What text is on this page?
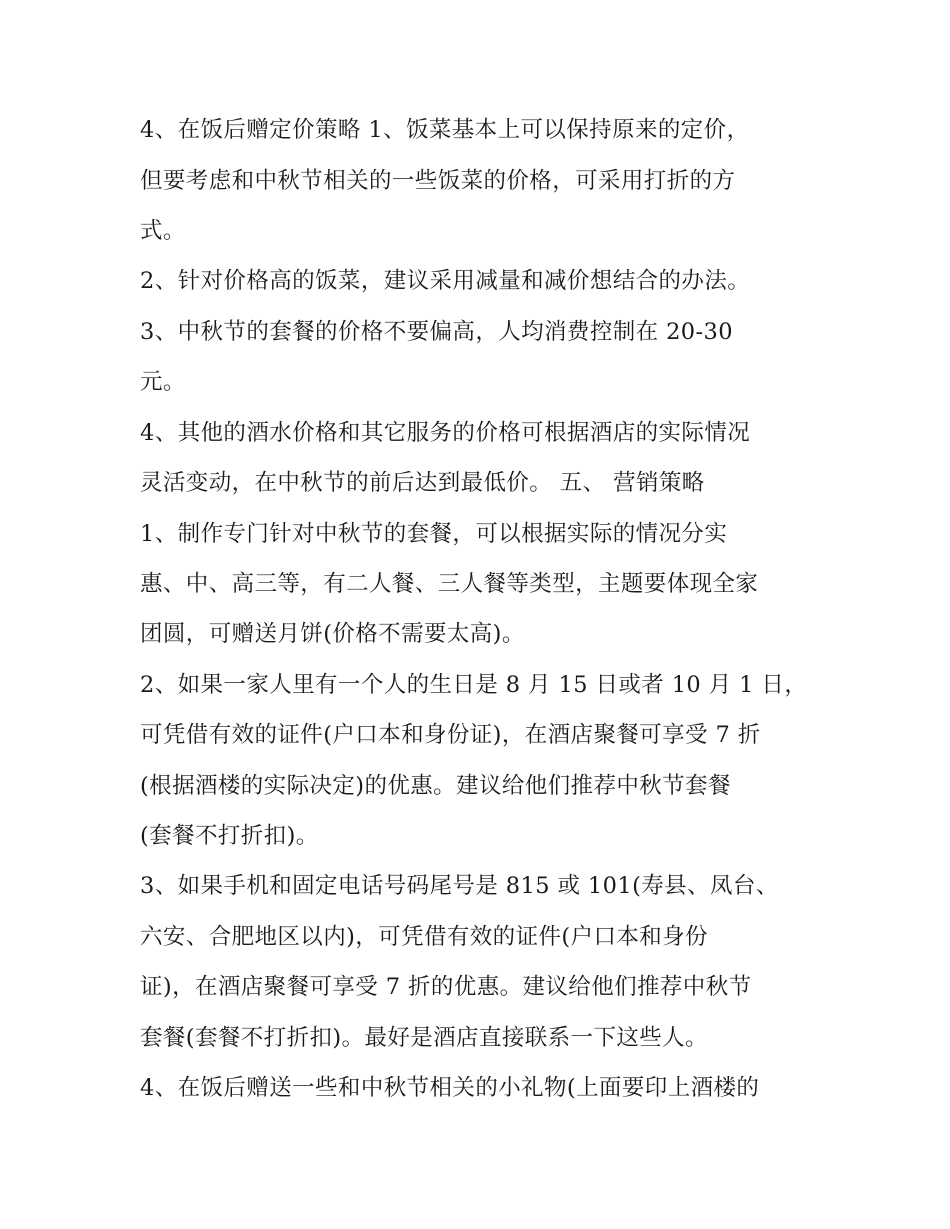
4、在饭后赠定价策略 1、饭菜基本上可以保持原来的定价，

但要考虑和中秋节相关的一些饭菜的价格，可采用打折的方

式。

2、针对价格高的饭菜，建议采用减量和减价想结合的办法。

3、中秋节的套餐的价格不要偏高，人均消费控制在 20-30

元。

4、其他的酒水价格和其它服务的价格可根据酒店的实际情况

灵活变动，在中秋节的前后达到最低价。 五、 营销策略

1、制作专门针对中秋节的套餐，可以根据实际的情况分实

惠、中、高三等，有二人餐、三人餐等类型，主题要体现全家

团圆，可赠送月饼(价格不需要太高)。

2、如果一家人里有一个人的生日是 8 月 15 日或者 10 月 1 日，

可凭借有效的证件(户口本和身份证)，在酒店聚餐可享受 7 折

(根据酒楼的实际决定)的优惠。建议给他们推荐中秋节套餐

(套餐不打折扣)。

3、如果手机和固定电话号码尾号是 815 或 101(寿县、凤台、

六安、合肥地区以内)，可凭借有效的证件(户口本和身份

证)，在酒店聚餐可享受 7 折的优惠。建议给他们推荐中秋节

套餐(套餐不打折扣)。最好是酒店直接联系一下这些人。

4、在饭后赠送一些和中秋节相关的小礼物(上面要印上酒楼的
